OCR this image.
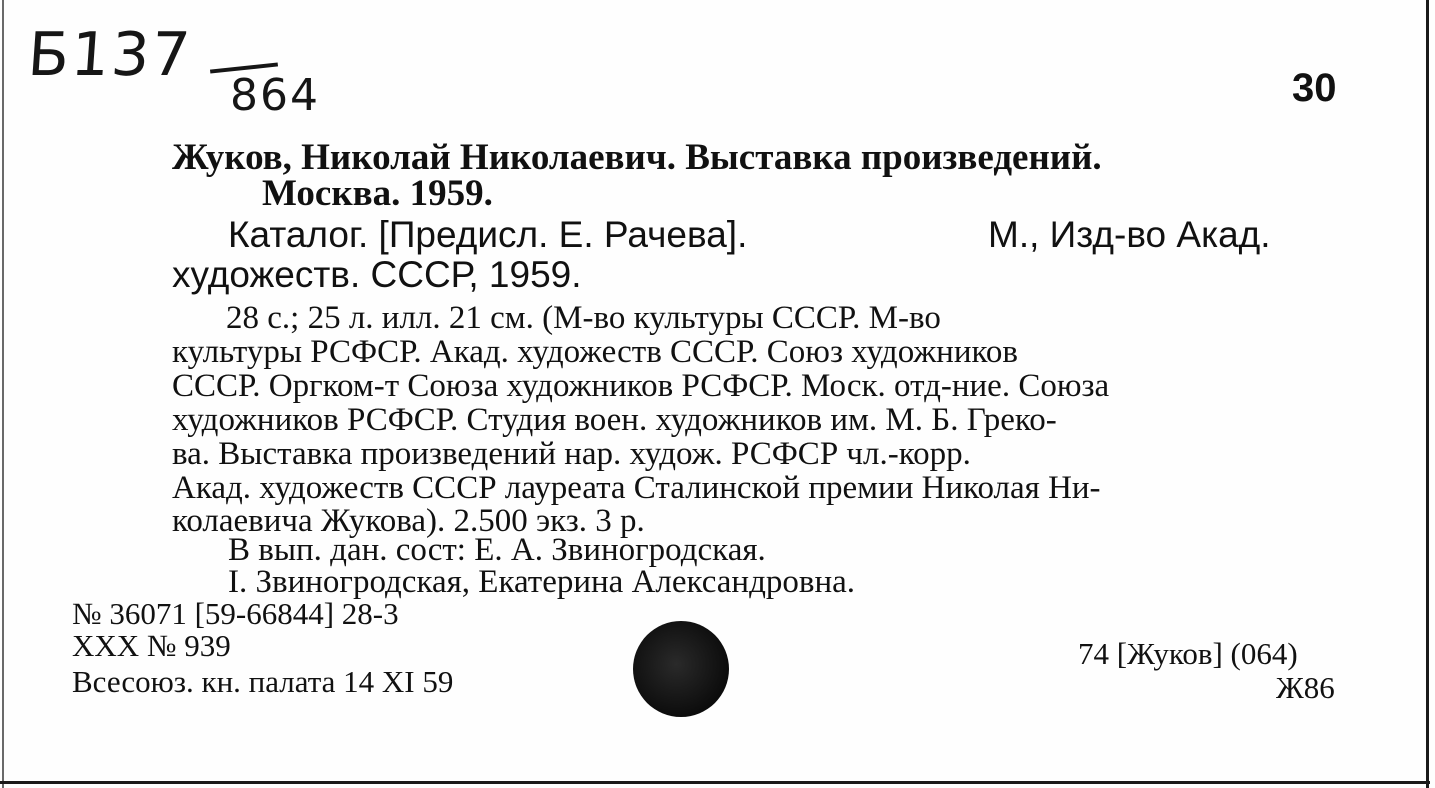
Б137
864	30
Жуков, Николай Николаевич. Выставка произведений.
Москва. 1959.
Каталог. [Предисл. Е. Рачева].	М., Изд-во Акад.
художеств. СССР, 1959.
28 с.; 25 л. илл. 21 см. (М-во культуры СССР. М-во
культуры РСФСР. Акад. художеств СССР. Союз художников
СССР. Оргком-т Союза художников РСФСР. Моск. отд-ние. Союза
художников РСФСР. Студия воен. художников им. М. Б. Греко-
ва. Выставка произведений нар. худож. РСФСР чл.-корр.
Акад. художеств СССР лауреата Сталинской премии Николая Ни-
колаевича Жукова). 2.500 экз. 3 р.
В вып. дан. сост: Е. А. Звиногродская.
I. Звиногродская, Екатерина Александровна.
№ 36071 [59-66844] 28-3
XXX № 939
Всесоюз. кн. палата 14 XI 59
74 [Жуков] (064)
Ж86
